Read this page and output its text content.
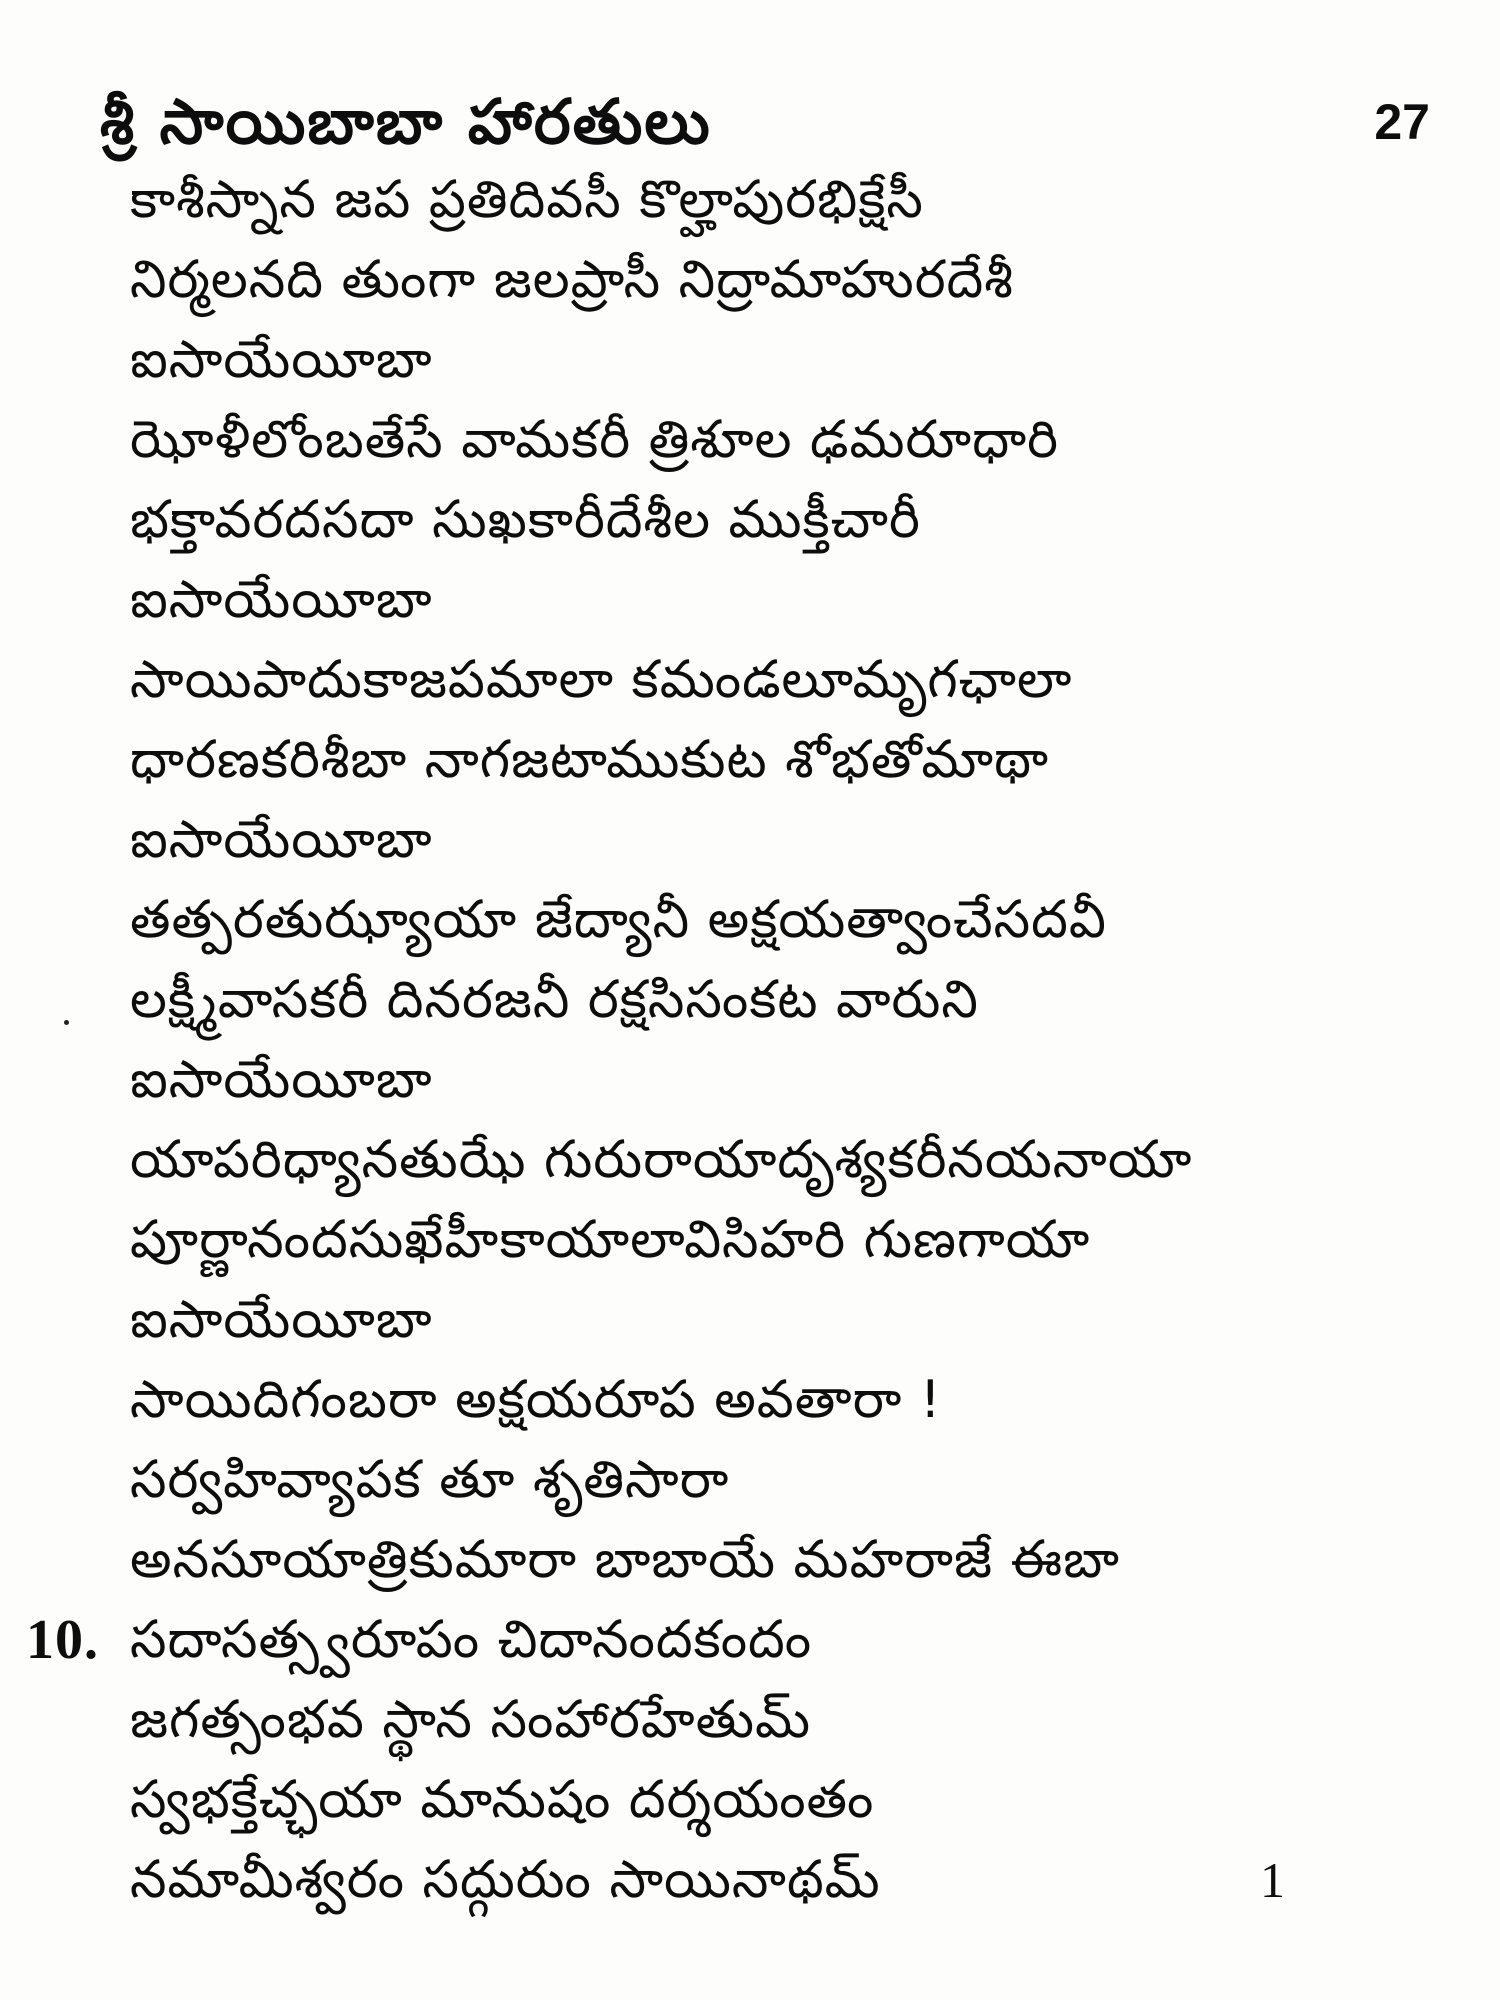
శ్రీ సాయిబాబా హారతులు	27
కాశీస్నాన జప ప్రతిదివసీ కొల్హాపురభిక్షేసీ
నిర్మలనది తుంగా జలప్రాసీ నిద్రామాహురదేశీ
ఐసాయేయీబా
ఝోళీలోంబతేసే వామకరీ త్రిశూల ఢమరూధారి
భక్తావరదసదా సుఖకారీదేశీల ముక్తీచారీ
ఐసాయేయీబా
సాయిపాదుకాజపమాలా కమండలూమృగఛాలా
ధారణకరిశీబా నాగజటాముకుట శోభతోమాథా
ఐసాయేయీబా
తత్పరతుఝ్యాయా జేద్యానీ అక్షయత్వాంచేసదవీ
లక్ష్మీవాసకరీ దినరజనీ రక్షసిసంకట వారుని
ఐసాయేయీబా
యాపరిధ్యానతుఝే గురురాయాదృశ్యకరీనయనాయా
పూర్ణానందసుఖేహీకాయాలావిసిహరి గుణగాయా
ఐసాయేయీబా
సాయిదిగంబరా అక్షయరూప అవతారా !
సర్వహివ్యాపక తూ శృతిసారా
అనసూయాత్రికుమారా బాబాయే మహరాజే ఈబా
10. సదాసత్స్వరూపం చిదానందకందం
జగత్సంభవ స్థాన సంహారహేతుమ్
స్వభక్తేచ్ఛయా మానుషం దర్శయంతం
నమామీశ్వరం సద్గురుం సాయినాథమ్	1
